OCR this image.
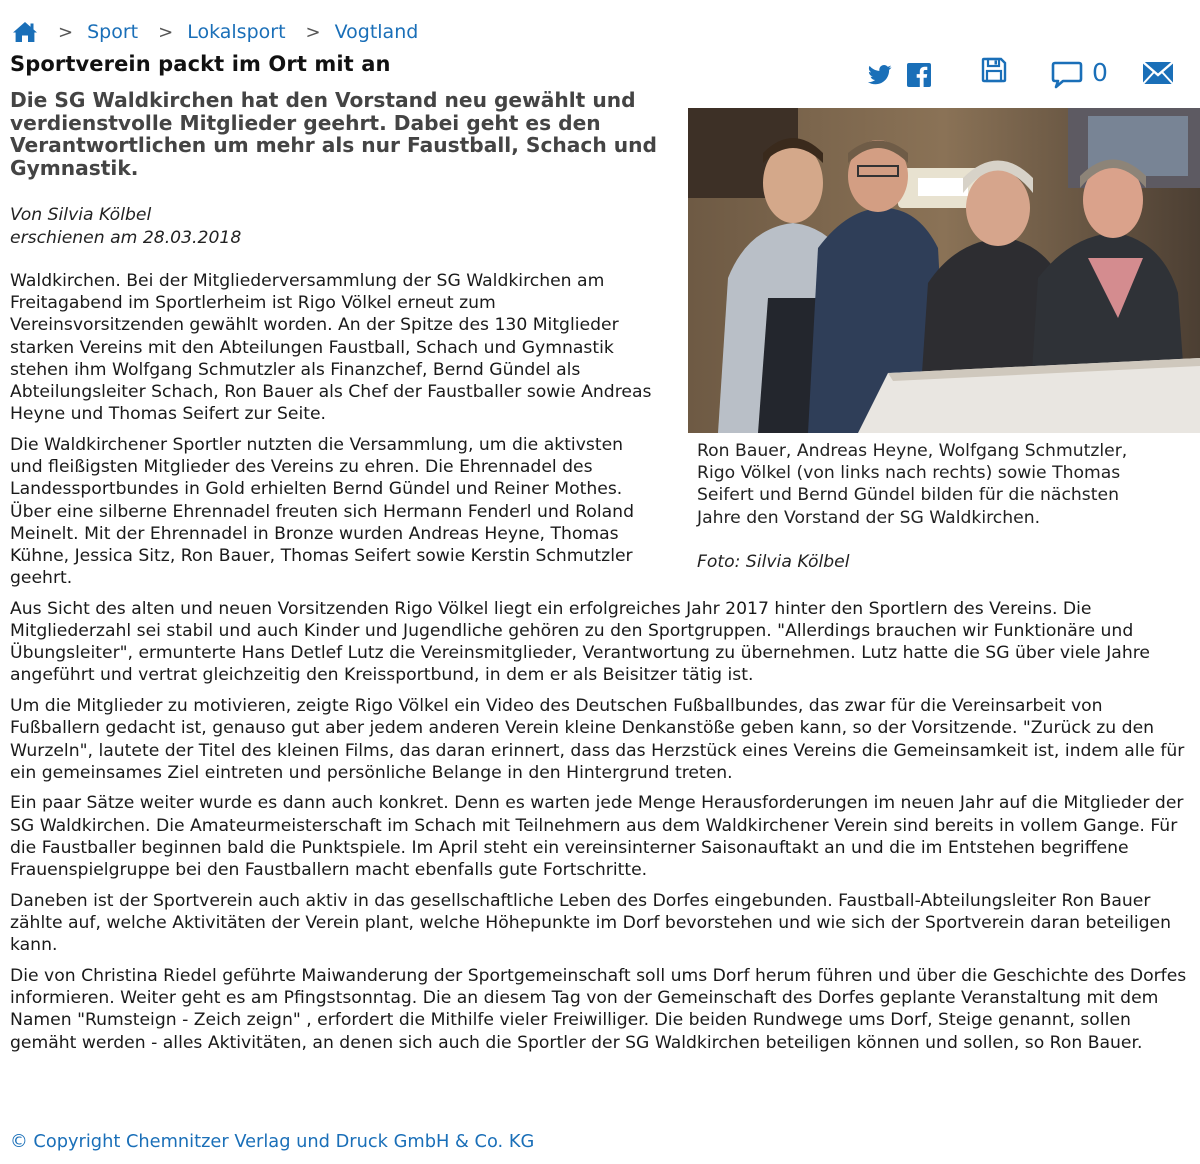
> Sport > Lokalsport > Vogtland
Sportverein packt im Ort mit an	0

Die SG Waldkirchen hat den Vorstand neu gewählt und verdienstvolle Mitglieder geehrt. Dabei geht es den Verantwortlichen um mehr als nur Faustball, Schach und Gymnastik.

Von Silvia Kölbel
erschienen am 28.03.2018
Ron Bauer, Andreas Heyne, Wolfgang Schmutzler, Rigo Völkel (von links nach rechts) sowie Thomas Seifert und Bernd Gündel bilden für die nächsten Jahre den Vorstand der SG Waldkirchen.
Foto: Silvia Kölbel

Waldkirchen. Bei der Mitgliederversammlung der SG Waldkirchen am Freitagabend im Sportlerheim ist Rigo Völkel erneut zum Vereinsvorsitzenden gewählt worden. An der Spitze des 130 Mitglieder starken Vereins mit den Abteilungen Faustball, Schach und Gymnastik stehen ihm Wolfgang Schmutzler als Finanzchef, Bernd Gündel als Abteilungsleiter Schach, Ron Bauer als Chef der Faustballer sowie Andreas Heyne und Thomas Seifert zur Seite.

Die Waldkirchener Sportler nutzten die Versammlung, um die aktivsten und fleißigsten Mitglieder des Vereins zu ehren. Die Ehrennadel des Landessportbundes in Gold erhielten Bernd Gündel und Reiner Mothes. Über eine silberne Ehrennadel freuten sich Hermann Fenderl und Roland Meinelt. Mit der Ehrennadel in Bronze wurden Andreas Heyne, Thomas Kühne, Jessica Sitz, Ron Bauer, Thomas Seifert sowie Kerstin Schmutzler geehrt.

Aus Sicht des alten und neuen Vorsitzenden Rigo Völkel liegt ein erfolgreiches Jahr 2017 hinter den Sportlern des Vereins. Die Mitgliederzahl sei stabil und auch Kinder und Jugendliche gehören zu den Sportgruppen. "Allerdings brauchen wir Funktionäre und Übungsleiter", ermunterte Hans Detlef Lutz die Vereinsmitglieder, Verantwortung zu übernehmen. Lutz hatte die SG über viele Jahre angeführt und vertrat gleichzeitig den Kreissportbund, in dem er als Beisitzer tätig ist.

Um die Mitglieder zu motivieren, zeigte Rigo Völkel ein Video des Deutschen Fußballbundes, das zwar für die Vereinsarbeit von Fußballern gedacht ist, genauso gut aber jedem anderen Verein kleine Denkanstöße geben kann, so der Vorsitzende. "Zurück zu den Wurzeln", lautete der Titel des kleinen Films, das daran erinnert, dass das Herzstück eines Vereins die Gemeinsamkeit ist, indem alle für ein gemeinsames Ziel eintreten und persönliche Belange in den Hintergrund treten.

Ein paar Sätze weiter wurde es dann auch konkret. Denn es warten jede Menge Herausforderungen im neuen Jahr auf die Mitglieder der SG Waldkirchen. Die Amateurmeisterschaft im Schach mit Teilnehmern aus dem Waldkirchener Verein sind bereits in vollem Gange. Für die Faustballer beginnen bald die Punktspiele. Im April steht ein vereinsinterner Saisonauftakt an und die im Entstehen begriffene Frauenspielgruppe bei den Faustballern macht ebenfalls gute Fortschritte.

Daneben ist der Sportverein auch aktiv in das gesellschaftliche Leben des Dorfes eingebunden. Faustball-Abteilungsleiter Ron Bauer zählte auf, welche Aktivitäten der Verein plant, welche Höhepunkte im Dorf bevorstehen und wie sich der Sportverein daran beteiligen kann.

Die von Christina Riedel geführte Maiwanderung der Sportgemeinschaft soll ums Dorf herum führen und über die Geschichte des Dorfes informieren. Weiter geht es am Pfingstsonntag. Die an diesem Tag von der Gemeinschaft des Dorfes geplante Veranstaltung mit dem Namen "Rumsteign - Zeich zeign" , erfordert die Mithilfe vieler Freiwilliger. Die beiden Rundwege ums Dorf, Steige genannt, sollen gemäht werden - alles Aktivitäten, an denen sich auch die Sportler der SG Waldkirchen beteiligen können und sollen, so Ron Bauer.

© Copyright Chemnitzer Verlag und Druck GmbH & Co. KG
